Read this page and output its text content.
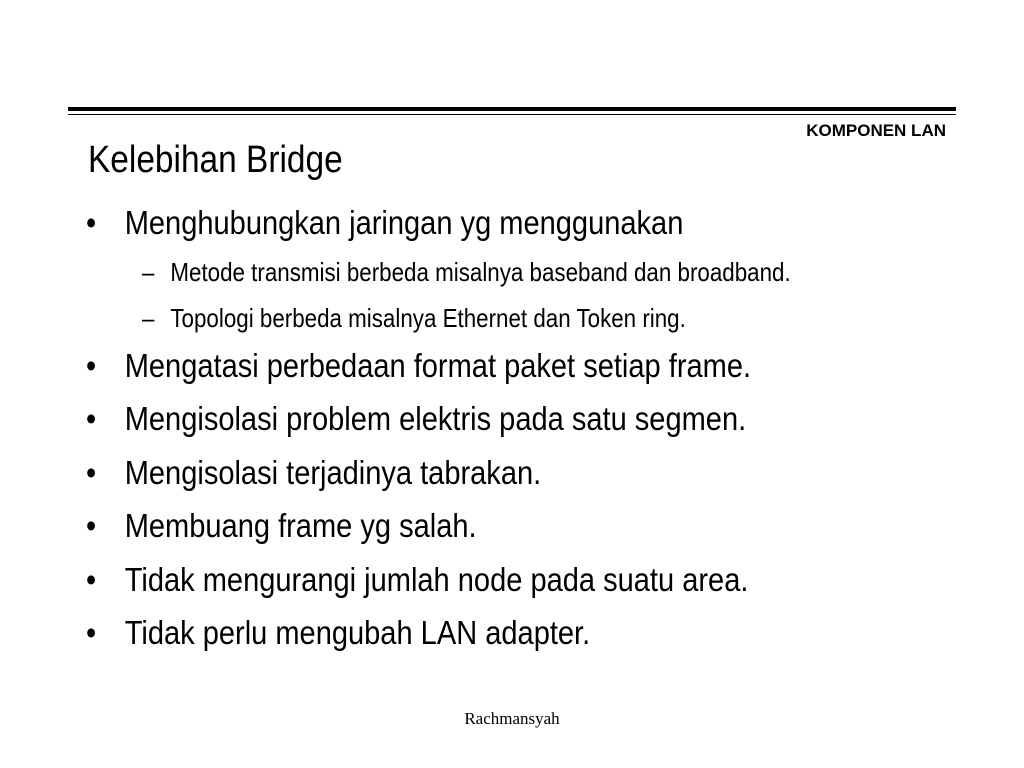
KOMPONEN LAN
Kelebihan Bridge
• Menghubungkan jaringan yg menggunakan
– Metode transmisi berbeda misalnya baseband dan broadband.
– Topologi berbeda misalnya Ethernet dan Token ring.
• Mengatasi perbedaan format paket setiap frame.
• Mengisolasi problem elektris pada satu segmen.
• Mengisolasi terjadinya tabrakan.
• Membuang frame yg salah.
• Tidak mengurangi jumlah node pada suatu area.
• Tidak perlu mengubah LAN adapter.
Rachmansyah
